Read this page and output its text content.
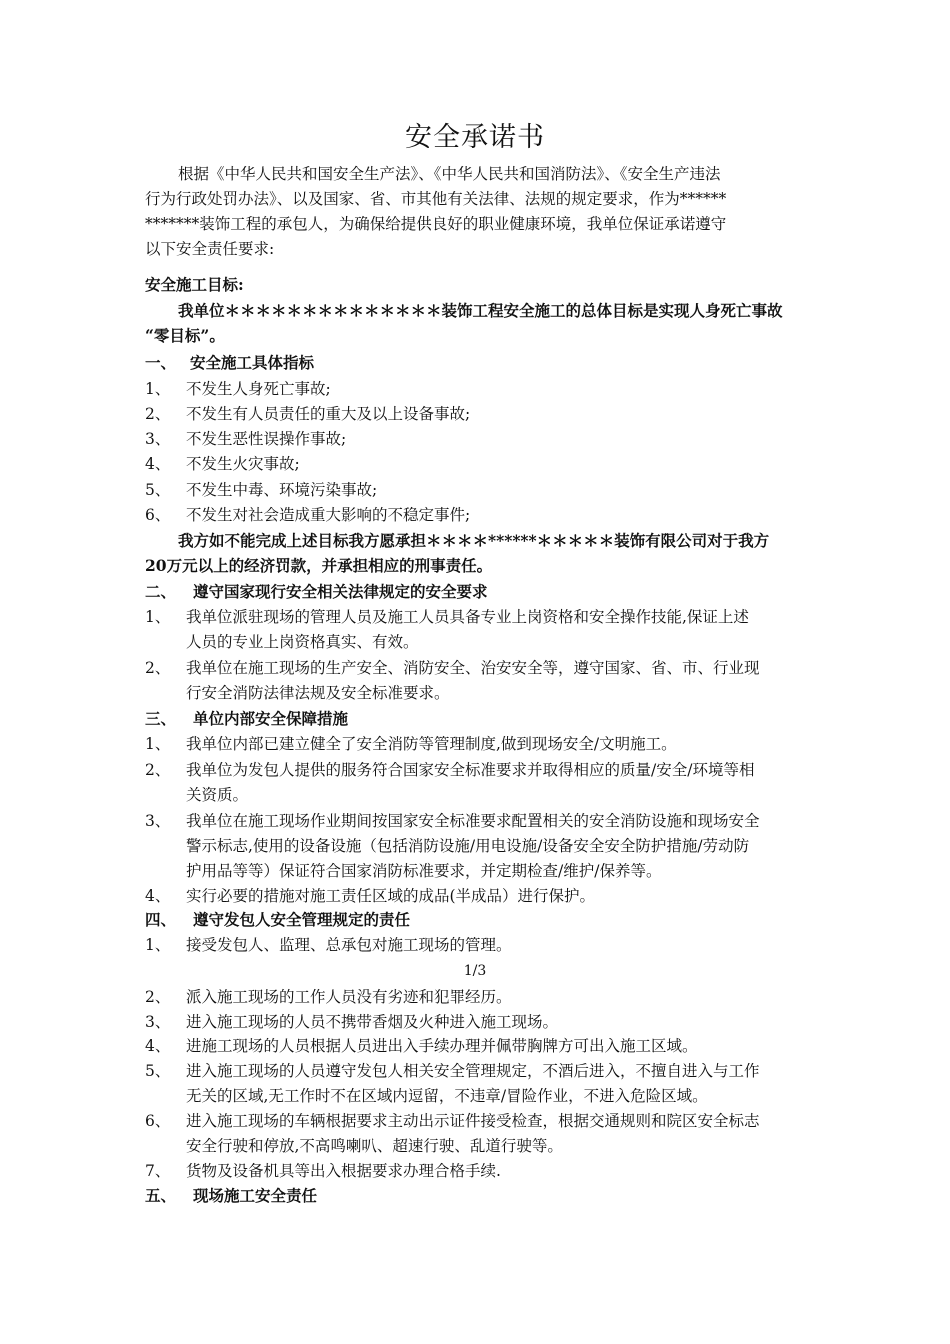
安全承诺书
根据《中华人民共和国安全生产法》、《中华人民共和国消防法》、《安全生产违法
行为行政处罚办法》、以及国家、省、市其他有关法律、法规的规定要求，作为******
*******装饰工程的承包人，为确保给提供良好的职业健康环境，我单位保证承诺遵守
以下安全责任要求:
安全施工目标:
我单位＊＊＊＊＊＊＊＊＊＊＊＊＊＊装饰工程安全施工的总体目标是实现人身死亡事故
“零目标”。
一、 安全施工具体指标
1、 不发生人身死亡事故;
2、 不发生有人员责任的重大及以上设备事故;
3、 不发生恶性误操作事故;
4、 不发生火灾事故;
5、 不发生中毒、环境污染事故;
6、 不发生对社会造成重大影响的不稳定事件;
我方如不能完成上述目标我方愿承担＊＊＊＊******＊＊＊＊＊装饰有限公司对于我方
20万元以上的经济罚款，并承担相应的刑事责任。
二、 遵守国家现行安全相关法律规定的安全要求
1、 我单位派驻现场的管理人员及施工人员具备专业上岗资格和安全操作技能,保证上述
人员的专业上岗资格真实、有效。
2、 我单位在施工现场的生产安全、消防安全、治安安全等，遵守国家、省、市、行业现
行安全消防法律法规及安全标准要求。
三、 单位内部安全保障措施
1、 我单位内部已建立健全了安全消防等管理制度,做到现场安全/文明施工。
2、 我单位为发包人提供的服务符合国家安全标准要求并取得相应的质量/安全/环境等相
关资质。
3、 我单位在施工现场作业期间按国家安全标准要求配置相关的安全消防设施和现场安全
警示标志,使用的设备设施（包括消防设施/用电设施/设备安全安全防护措施/劳动防
护用品等等）保证符合国家消防标准要求，并定期检查/维护/保养等。
4、 实行必要的措施对施工责任区域的成品(半成品）进行保护。
四、 遵守发包人安全管理规定的责任
1、 接受发包人、监理、总承包对施工现场的管理。
1/3
2、 派入施工现场的工作人员没有劣迹和犯罪经历。
3、 进入施工现场的人员不携带香烟及火种进入施工现场。
4、 进施工现场的人员根据人员进出入手续办理并佩带胸牌方可出入施工区域。
5、 进入施工现场的人员遵守发包人相关安全管理规定，不酒后进入，不擅自进入与工作
无关的区域,无工作时不在区域内逗留，不违章/冒险作业，不进入危险区域。
6、 进入施工现场的车辆根据要求主动出示证件接受检查，根据交通规则和院区安全标志
安全行驶和停放,不高鸣喇叭、超速行驶、乱道行驶等。
7、 货物及设备机具等出入根据要求办理合格手续.
五、 现场施工安全责任
